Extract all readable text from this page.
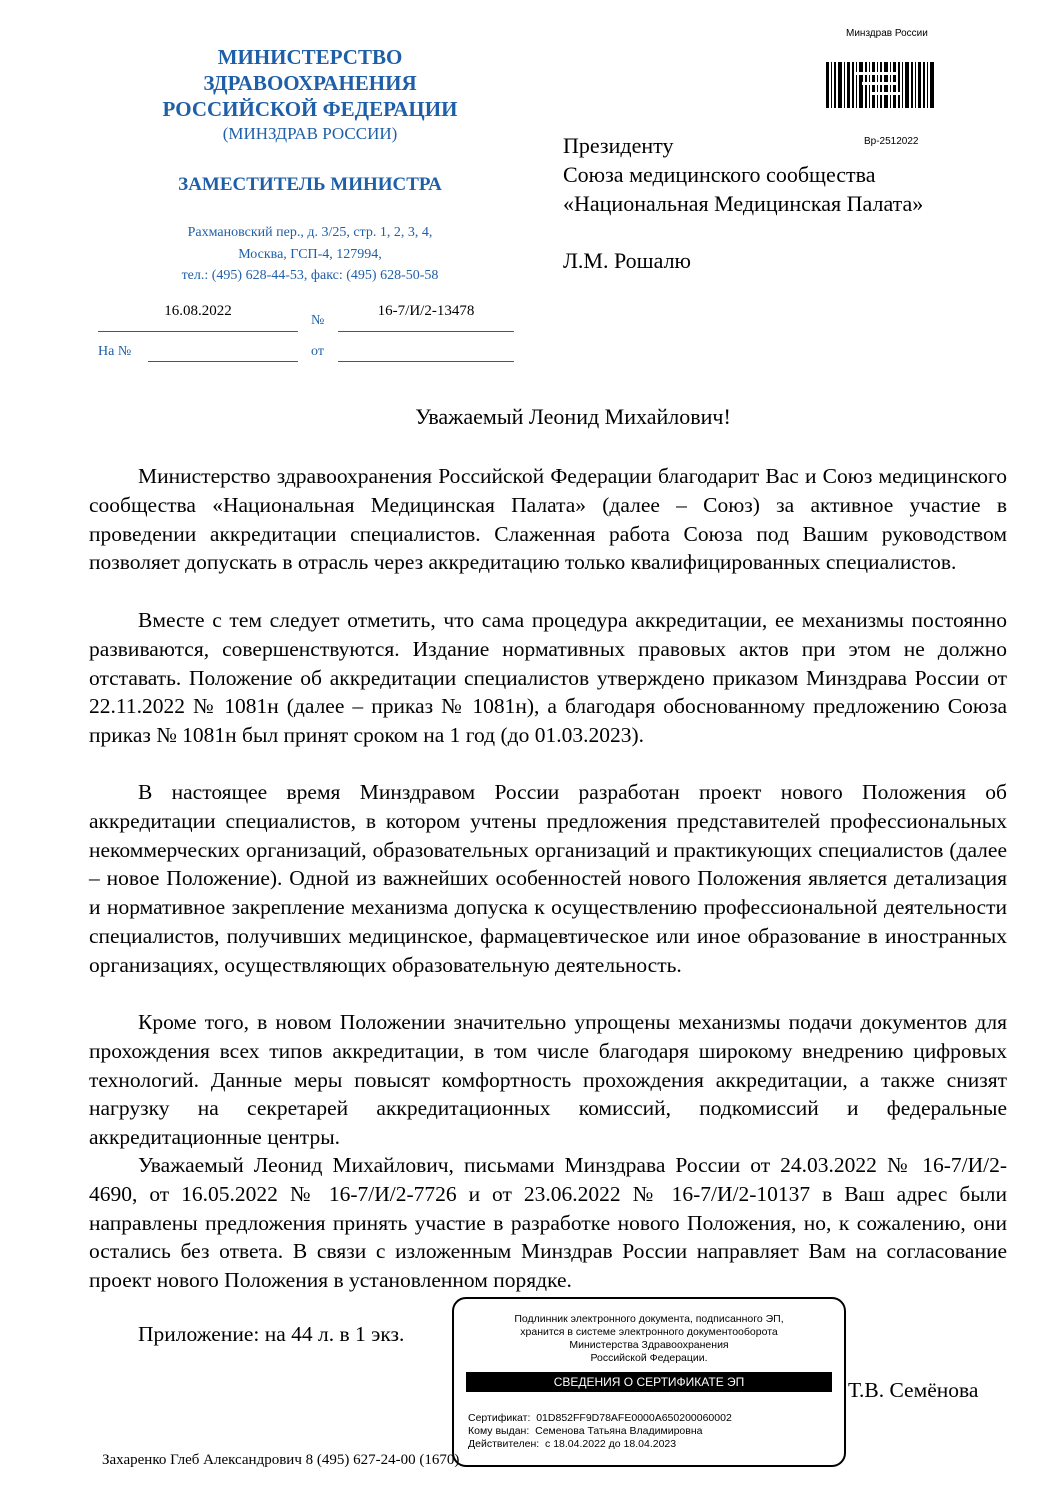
МИНИСТЕРСТВО
ЗДРАВООХРАНЕНИЯ
РОССИЙСКОЙ ФЕДЕРАЦИИ
(МИНЗДРАВ РОССИИ)
ЗАМЕСТИТЕЛЬ МИНИСТРА
Рахмановский пер., д. 3/25, стр. 1, 2, 3, 4,
Москва, ГСП-4, 127994,
тел.: (495) 628-44-53, факс: (495) 628-50-58
16.08.2022
№
16-7/И/2-13478
На №	от
Минздрав России
Вр-2512022
Президенту
Союза медицинского сообщества
«Национальная Медицинская Палата»
Л.М. Рошалю
Уважаемый Леонид Михайлович!

Министерство здравоохранения Российской Федерации благодарит Вас и Союз медицинского сообщества «Национальная Медицинская Палата» (далее – Союз) за активное участие в проведении аккредитации специалистов. Слаженная работа Союза под Вашим руководством позволяет допускать в отрасль через аккредитацию только квалифицированных специалистов.

Вместе с тем следует отметить, что сама процедура аккредитации, ее механизмы постоянно развиваются, совершенствуются. Издание нормативных правовых актов при этом не должно отставать. Положение об аккредитации специалистов утверждено приказом Минздрава России от 22.11.2022 № 1081н (далее – приказ № 1081н), а благодаря обоснованному предложению Союза приказ № 1081н был принят сроком на 1 год (до 01.03.2023).

В настоящее время Минздравом России разработан проект нового Положения об аккредитации специалистов, в котором учтены предложения представителей профессиональных некоммерческих организаций, образовательных организаций и практикующих специалистов (далее – новое Положение). Одной из важнейших особенностей нового Положения является детализация и нормативное закрепление механизма допуска к осуществлению профессиональной деятельности специалистов, получивших медицинское, фармацевтическое или иное образование в иностранных организациях, осуществляющих образовательную деятельность.

Кроме того, в новом Положении значительно упрощены механизмы подачи документов для прохождения всех типов аккредитации, в том числе благодаря широкому внедрению цифровых технологий. Данные меры повысят комфортность прохождения аккредитации, а также снизят нагрузку на секретарей аккредитационных комиссий, подкомиссий и федеральные аккредитационные центры.

Уважаемый Леонид Михайлович, письмами Минздрава России от 24.03.2022 № 16-7/И/2-4690, от 16.05.2022 № 16-7/И/2-7726 и от 23.06.2022 № 16-7/И/2-10137 в Ваш адрес были направлены предложения принять участие в разработке нового Положения, но, к сожалению, они остались без ответа. В связи с изложенным Минздрав России направляет Вам на согласование проект нового Положения в установленном порядке.

Приложение: на 44 л. в 1 экз.
Подлинник электронного документа, подписанного ЭП,
хранится в системе электронного документооборота
Министерства Здравоохранения
Российской Федерации.
СВЕДЕНИЯ О СЕРТИФИКАТЕ ЭП
Сертификат: 01D852FF9D78AFE0000A650200060002
Кому выдан: Семенова Татьяна Владимировна
Действителен: с 18.04.2022 до 18.04.2023
Т.В. Семёнова
Захаренко Глеб Александрович 8 (495) 627-24-00 (1670)
